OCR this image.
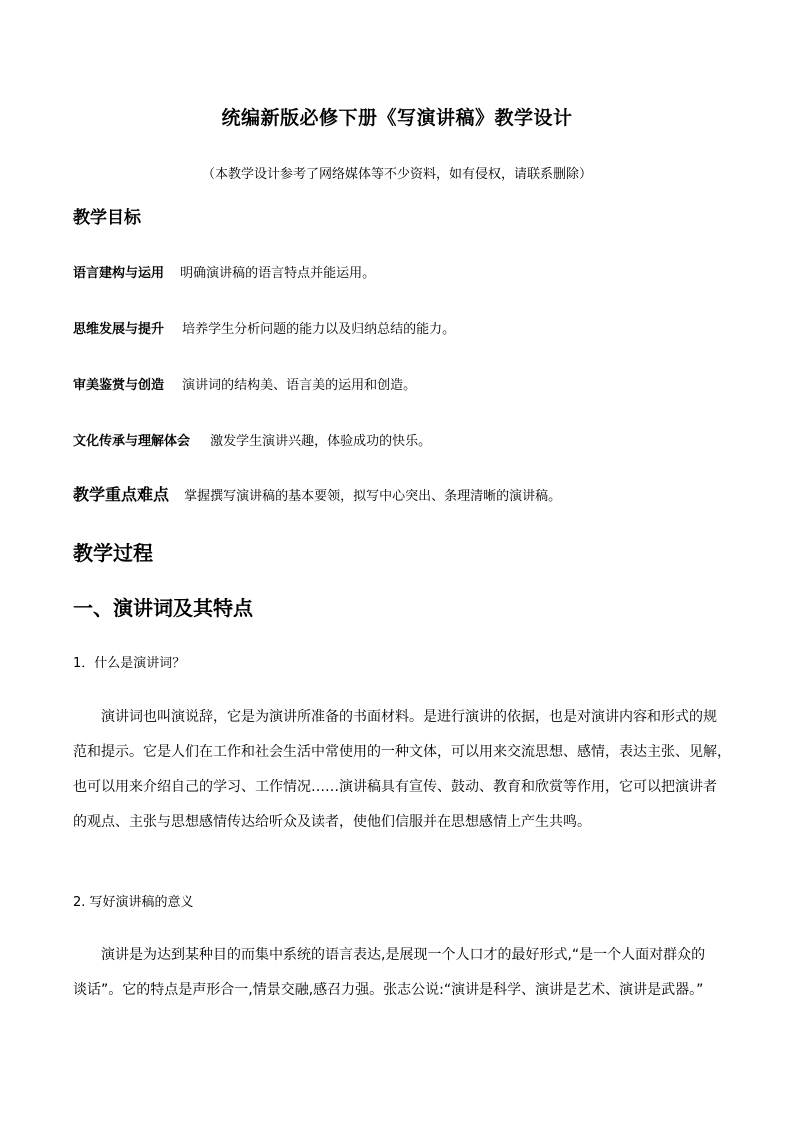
统编新版必修下册《写演讲稿》教学设计
（本教学设计参考了网络媒体等不少资料，如有侵权，请联系删除）
教学目标
语言建构与运用 明确演讲稿的语言特点并能运用。
思维发展与提升 培养学生分析问题的能力以及归纳总结的能力。
审美鉴赏与创造 演讲词的结构美、语言美的运用和创造。
文化传承与理解体会 激发学生演讲兴趣，体验成功的快乐。
教学重点难点 掌握撰写演讲稿的基本要领，拟写中心突出、条理清晰的演讲稿。
教学过程
一、演讲词及其特点
1．什么是演讲词？
演讲词也叫演说辞，它是为演讲所准备的书面材料。是进行演讲的依据，也是对演讲内容和形式的规
范和提示。它是人们在工作和社会生活中常使用的一种文体，可以用来交流思想、感情，表达主张、见解，
也可以用来介绍自己的学习、工作情况……演讲稿具有宣传、鼓动、教育和欣赏等作用，它可以把演讲者
的观点、主张与思想感情传达给听众及读者，使他们信服并在思想感情上产生共鸣。
2. 写好演讲稿的意义
演讲是为达到某种目的而集中系统的语言表达,是展现一个人口才的最好形式,“是一个人面对群众的
谈话”。它的特点是声形合一,情景交融,感召力强。张志公说:“演讲是科学、演讲是艺术、演讲是武器。”
